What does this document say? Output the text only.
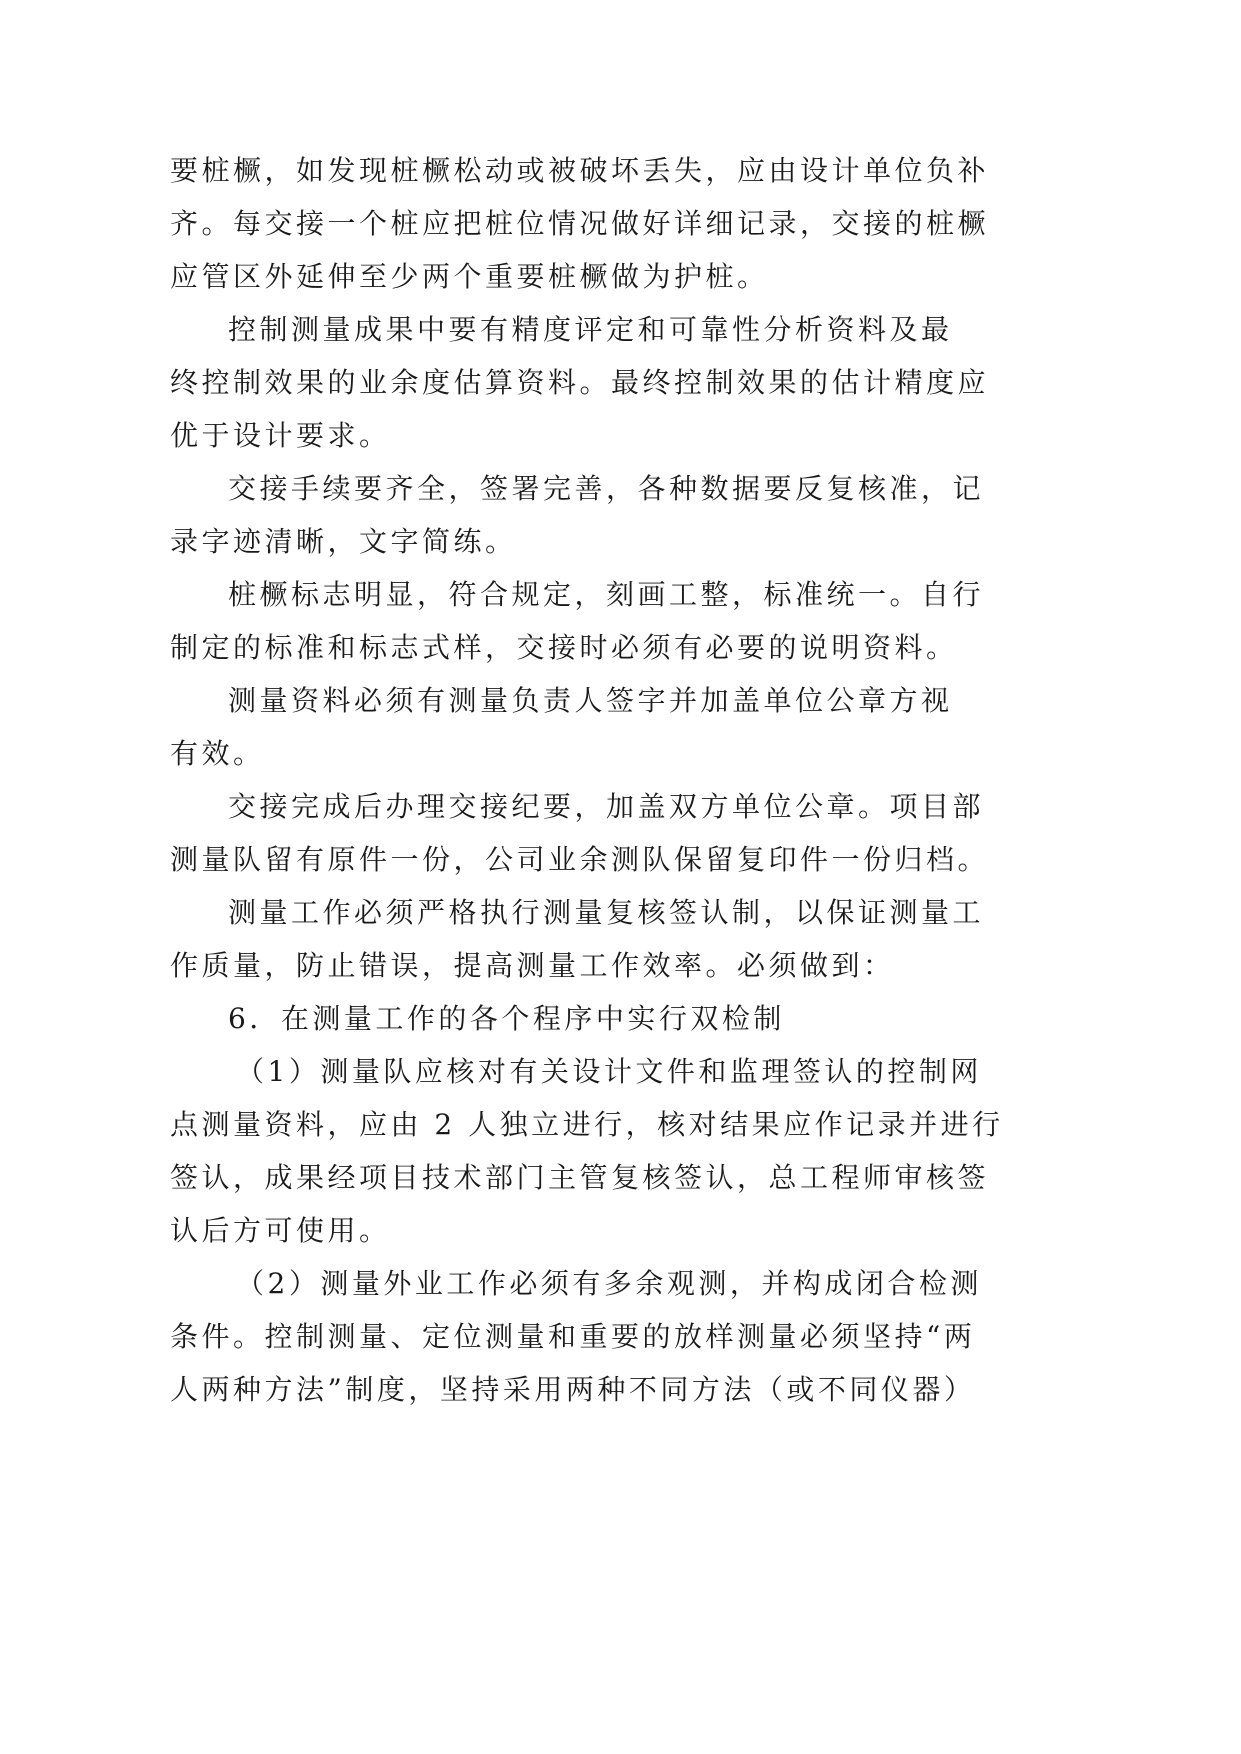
要桩橛，如发现桩橛松动或被破坏丢失，应由设计单位负补
齐。每交接一个桩应把桩位情况做好详细记录，交接的桩橛
应管区外延伸至少两个重要桩橛做为护桩。
控制测量成果中要有精度评定和可靠性分析资料及最
终控制效果的业余度估算资料。最终控制效果的估计精度应
优于设计要求。
交接手续要齐全，签署完善，各种数据要反复核准，记
录字迹清晰，文字简练。
桩橛标志明显，符合规定，刻画工整，标准统一。自行
制定的标准和标志式样，交接时必须有必要的说明资料。
测量资料必须有测量负责人签字并加盖单位公章方视
有效。
交接完成后办理交接纪要，加盖双方单位公章。项目部
测量队留有原件一份，公司业余测队保留复印件一份归档。
测量工作必须严格执行测量复核签认制，以保证测量工
作质量，防止错误，提高测量工作效率。必须做到：
6．在测量工作的各个程序中实行双检制
（1）测量队应核对有关设计文件和监理签认的控制网
点测量资料，应由 2 人独立进行，核对结果应作记录并进行
签认，成果经项目技术部门主管复核签认，总工程师审核签
认后方可使用。
（2）测量外业工作必须有多余观测，并构成闭合检测
条件。控制测量、定位测量和重要的放样测量必须坚持“两
人两种方法”制度，坚持采用两种不同方法（或不同仪器）
